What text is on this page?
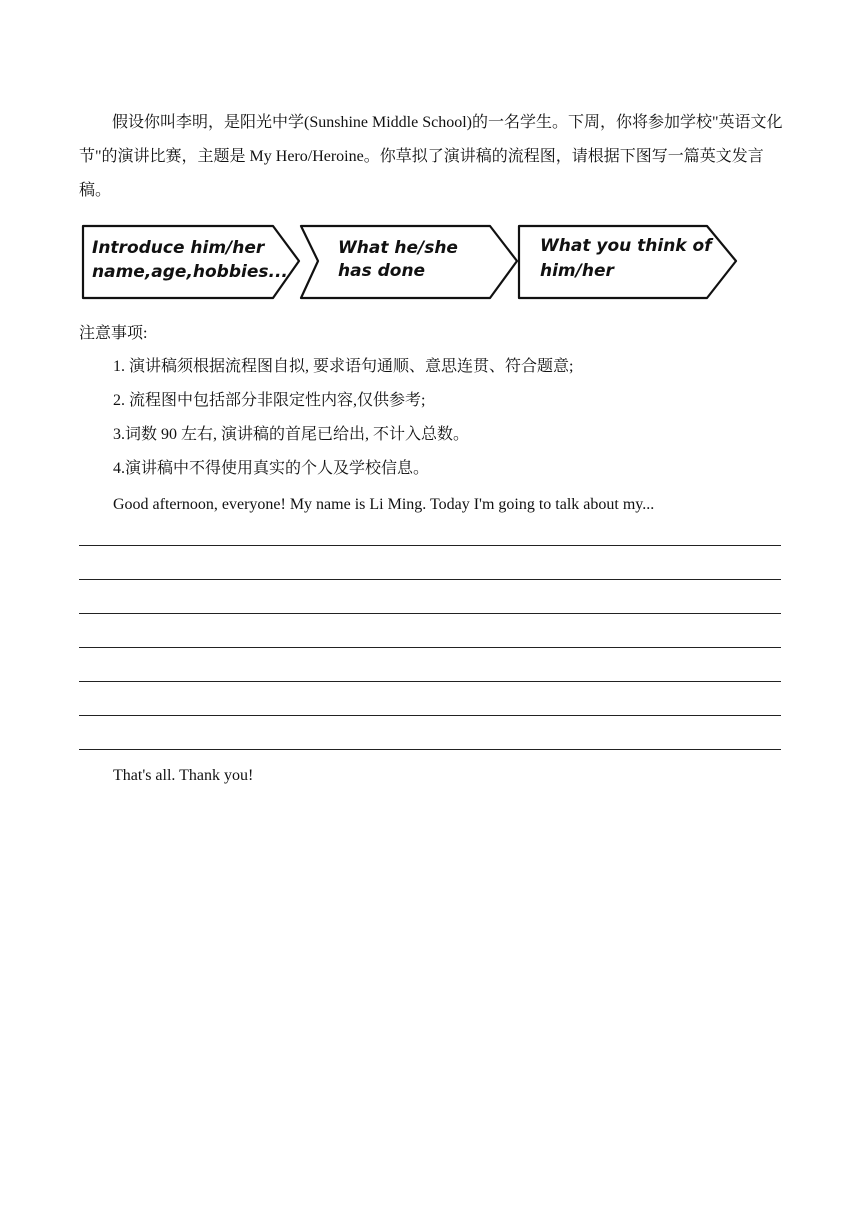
假设你叫李明，是阳光中学(Sunshine Middle School)的一名学生。下周，你将参加学校"英语文化节"的演讲比赛，主题是 My Hero/Heroine。你草拟了演讲稿的流程图，请根据下图写一篇英文发言稿。

Introduce him/her
name,age,hobbies...
What he/she
has done
What you think of
him/her

注意事项:

1. 演讲稿须根据流程图自拟, 要求语句通顺、意思连贯、符合题意;
2. 流程图中包括部分非限定性内容,仅供参考;
3.词数 90 左右, 演讲稿的首尾已给出, 不计入总数。
4.演讲稿中不得使用真实的个人及学校信息。

Good afternoon, everyone! My name is Li Ming. Today I'm going to talk about my...

That's all. Thank you!
